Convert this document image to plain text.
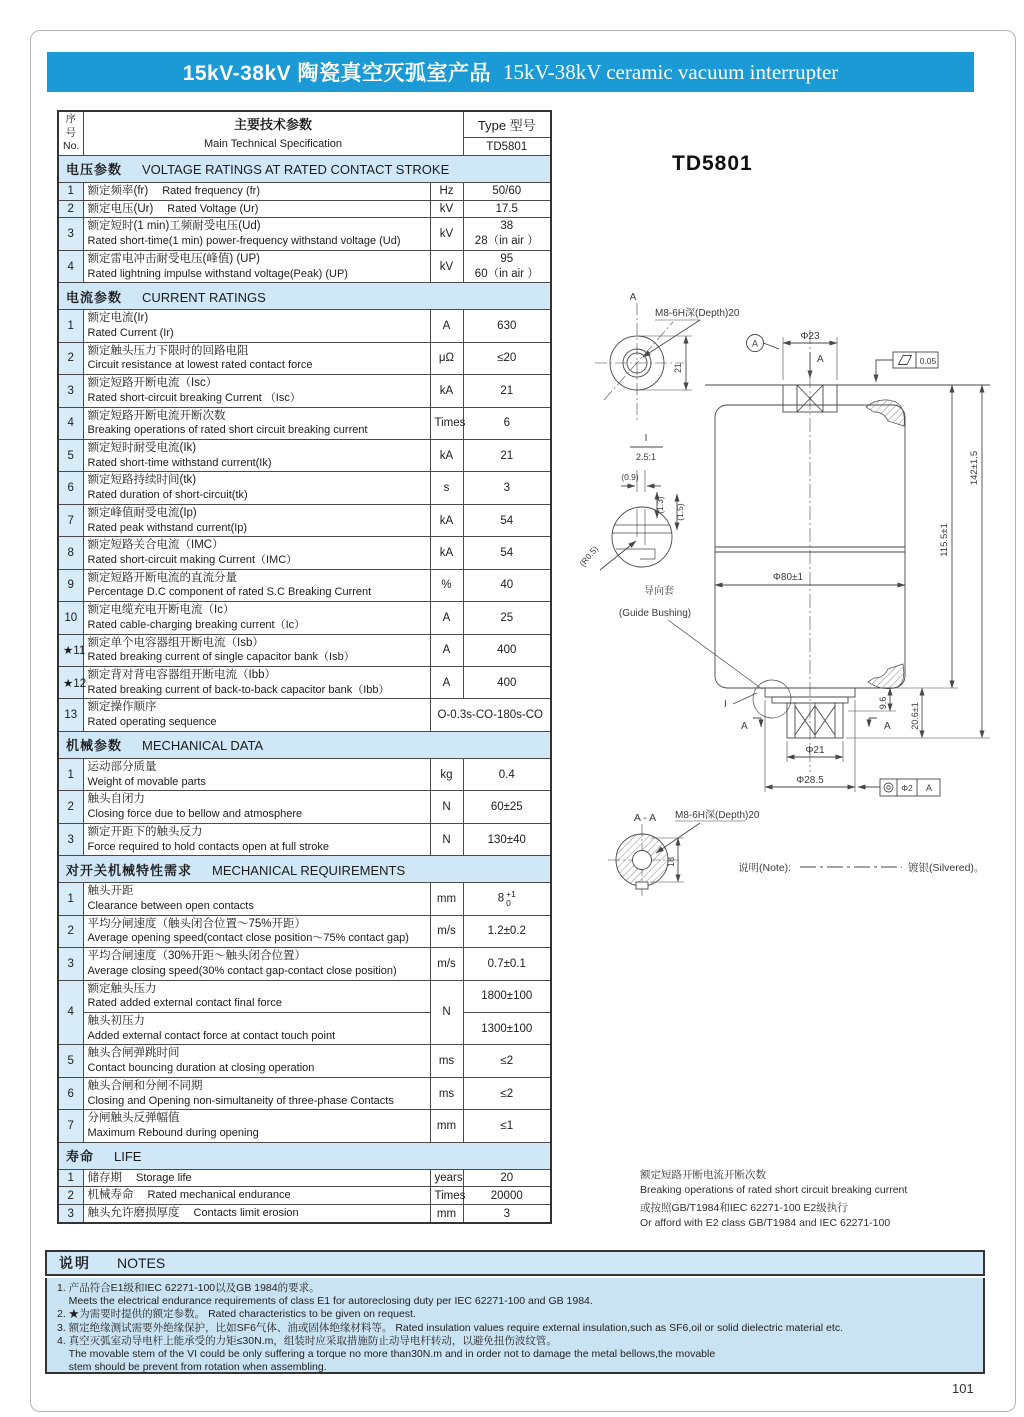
15kV-38kV 陶瓷真空灭弧室产品 15kV-38kV ceramic vacuum interrupter
序号
No.	主要技术参数
Main Technical Specification		Type 型号
			TD5801
电压参数 VOLTAGE RATINGS AT RATED CONTACT STROKE			
1	额定频率(fr) Rated frequency (fr)	Hz	50/60
2	额定电压(Ur) Rated Voltage (Ur)	kV	17.5
3	额定短时(1 min)工频耐受电压(Ud)
Rated short-time(1 min) power-frequency withstand voltage (Ud)	kV	38
28（in air ）
4	额定雷电冲击耐受电压(峰值) (UP)
Rated lightning impulse withstand voltage(Peak) (UP)	kV	95
60（in air ）
电流参数 CURRENT RATINGS			
1	额定电流(Ir)
Rated Current (Ir)	A	630
2	额定触头压力下限时的回路电阻
Circuit resistance at lowest rated contact force	μΩ	≤20
3	额定短路开断电流（Isc）
Rated short-circuit breaking Current （Isc）	kA	21
4	额定短路开断电流开断次数
Breaking operations of rated short circuit breaking current	Times	6
5	额定短时耐受电流(Ik)
Rated short-time withstand current(Ik)	kA	21
6	额定短路持续时间(tk)
Rated duration of short-circuit(tk)	s	3
7	额定峰值耐受电流(Ip)
Rated peak withstand current(Ip)	kA	54
8	额定短路关合电流（IMC）
Rated short-circuit making Current（IMC）	kA	54
9	额定短路开断电流的直流分量
Percentage D.C component of rated S.C Breaking Current	%	40
10	额定电缆充电开断电流（Ic）
Rated cable-charging breaking current（Ic）	A	25
★11	额定单个电容器组开断电流（Isb）
Rated breaking current of single capacitor bank（Isb）	A	400
★12	额定背对背电容器组开断电流（Ibb）
Rated breaking current of back-to-back capacitor bank（Ibb）	A	400
13	额定操作顺序
Rated operating sequence	O-0.3s-CO-180s-CO	
机械参数 MECHANICAL DATA			
1	运动部分质量
Weight of movable parts	kg	0.4
2	触头自闭力
Closing force due to bellow and atmosphere	N	60±25
3	额定开距下的触头反力
Force required to hold contacts open at full stroke	N	130±40
对开关机械特性需求 MECHANICAL REQUIREMENTS			
1	触头开距
Clearance between open contacts	mm	8 +1
0

2	平均分闸速度（触头闭合位置～75%开距）
Average opening speed(contact close position～75% contact gap)	m/s	1.2±0.2
3	平均合闸速度（30%开距～触头闭合位置）
Average closing speed(30% contact gap-contact close position)	m/s	0.7±0.1
4	额定触头压力
Rated added external contact final force	N	1800±100
	触头初压力
Added external contact force at contact touch point		1300±100
5	触头合闸弹跳时间
Contact bouncing duration at closing operation	ms	≤2
6	触头合闸和分闸不同期
Closing and Opening non-simultaneity of three-phase Contacts	ms	≤2
7	分闸触头反弹幅值
Maximum Rebound during opening	mm	≤1
寿命 LIFE			
1	储存期 Storage life	years	20
2	机械寿命 Rated mechanical endurance	Times	20000
3	触头允许磨损厚度 Contacts limit erosion	mm	3
TD5801
A
M8-6H深(Depth)20
21
Φ23
A
A	0.05
Φ80±1
I
2.5:1
(0.9)
(1.3) (1.5)
(R0.5)
导向套
(Guide Bushing)
I
A	A
Φ21
Φ28.5
Φ2 A
9.6 20.6±1
115.5±1
142±1.5
A - A M8-6H深(Depth)20
18	说明(Note):	镀银(Silvered)。
额定短路开断电流开断次数
Breaking operations of rated short circuit breaking current
或按照GB/T1984和IEC 62271-100 E2级执行
Or afford with E2 class GB/T1984 and IEC 62271-100
说明 NOTES
1. 产品符合E1级和IEC 62271-100以及GB 1984的要求。
Meets the electrical endurance requirements of class E1 for autoreclosing duty per IEC 62271-100 and GB 1984.
2. ★为需要时提供的额定参数。 Rated characteristics to be given on request.
3. 额定绝缘测试需要外绝缘保护，比如SF6气体、油或固体绝缘材料等。 Rated insulation values require external insulation,such as SF6,oil or solid dielectric material etc.
4. 真空灭弧室动导电杆上能承受的力矩≤30N.m，组装时应采取措施防止动导电杆转动，以避免扭伤波纹管。
The movable stem of the VI could be only suffering a torque no more than30N.m and in order not to damage the metal bellows,the movable
stem should be prevent from rotation when assembling.
101
